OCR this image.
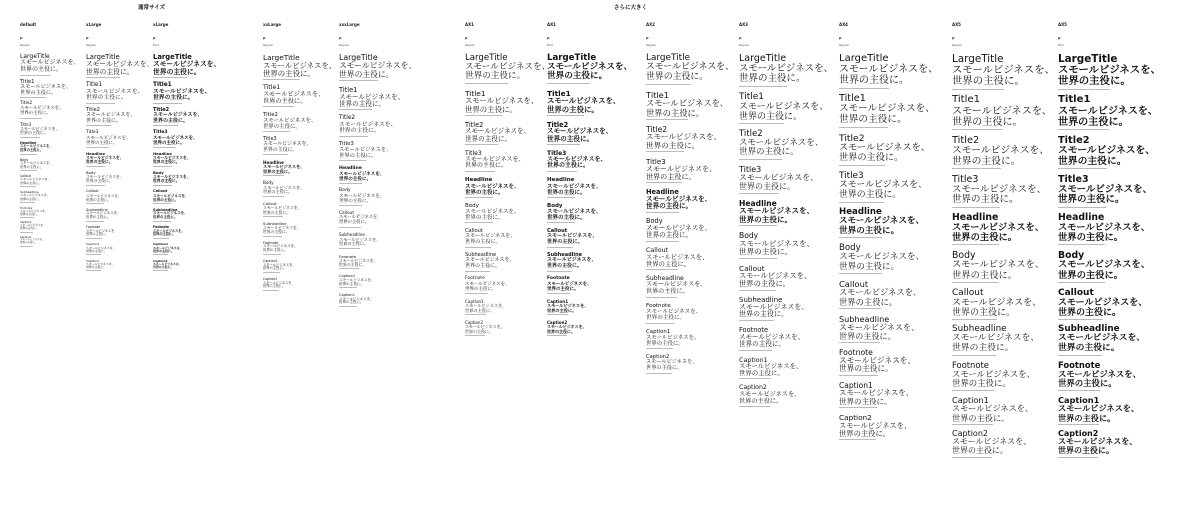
通常サイズ	さらに大きく
default
p
Regular
LargeTitle
スモールビジネスを、
世界の主役に。
Title1
スモールビジネスを、
世界の主役に。
Title2
スモールビジネスを、
世界の主役に。
Title3
スモールビジネスを、
世界の主役に。
Headline
スモールビジネスを、
世界の主役に。
Body
スモールビジネスを、
世界の主役に。
Callout
スモールビジネスを、
世界の主役に。
Subheadline
スモールビジネスを、
世界の主役に。
Footnote
スモールビジネスを、
世界の主役に。
Caption1
スモールビジネスを、
世界の主役に。
Caption2
スモールビジネスを、
世界の主役に。
xLarge
p
Regular
LargeTitle
スモールビジネスを、
世界の主役に。
Title1
スモールビジネスを、
世界の主役に。
Title2
スモールビジネスを、
世界の主役に。
Title3
スモールビジネスを、
世界の主役に。
Headline
スモールビジネスを、
世界の主役に。
Body
スモールビジネスを、
世界の主役に。
Callout
スモールビジネスを、
世界の主役に。
Subheadline
スモールビジネスを、
世界の主役に。
Footnote
スモールビジネスを、
世界の主役に。
Caption1
スモールビジネスを、
世界の主役に。
Caption2
スモールビジネスを、
世界の主役に。
xLarge
p
Bold
LargeTitle
スモールビジネスを、
世界の主役に。
Title1
スモールビジネスを、
世界の主役に。
Title2
スモールビジネスを、
世界の主役に。
Title3
スモールビジネスを、
世界の主役に。
Headline
スモールビジネスを、
世界の主役に。
Body
スモールビジネスを、
世界の主役に。
Callout
スモールビジネスを、
世界の主役に。
Subheadline
スモールビジネスを、
世界の主役に。
Footnote
スモールビジネスを、
世界の主役に。
Caption1
スモールビジネスを、
世界の主役に。
Caption2
スモールビジネスを、
世界の主役に。
xxLarge
p
Regular
LargeTitle
スモールビジネスを、
世界の主役に。
Title1
スモールビジネスを、
世界の主役に。
Title2
スモールビジネスを、
世界の主役に。
Title3
スモールビジネスを、
世界の主役に。
Headline
スモールビジネスを、
世界の主役に。
Body
スモールビジネスを、
世界の主役に。
Callout
スモールビジネスを、
世界の主役に。
Subheadline
スモールビジネスを、
世界の主役に。
Footnote
スモールビジネスを、
世界の主役に。
Caption1
スモールビジネスを、
世界の主役に。
Caption2
スモールビジネスを、
世界の主役に。
xxxLarge
p
Regular
LargeTitle
スモールビジネスを、
世界の主役に。
Title1
スモールビジネスを、
世界の主役に。
Title2
スモールビジネスを、
世界の主役に。
Title3
スモールビジネスを、
世界の主役に。
Headline
スモールビジネスを、
世界の主役に。
Body
スモールビジネスを、
世界の主役に。
Callout
スモールビジネスを、
世界の主役に。
Subheadline
スモールビジネスを、
世界の主役に。
Footnote
スモールビジネスを、
世界の主役に。
Caption1
スモールビジネスを、
世界の主役に。
Caption2
スモールビジネスを、
世界の主役に。
AX1
p
Regular
LargeTitle
スモールビジネスを、
世界の主役に。
Title1
スモールビジネスを、
世界の主役に。
Title2
スモールビジネスを、
世界の主役に。
Title3
スモールビジネスを、
世界の主役に。
Headline
スモールビジネスを、
世界の主役に。
Body
スモールビジネスを、
世界の主役に。
Callout
スモールビジネスを、
世界の主役に。
Subheadline
スモールビジネスを、
世界の主役に。
Footnote
スモールビジネスを、
世界の主役に。
Caption1
スモールビジネスを、
世界の主役に。
Caption2
スモールビジネスを、
世界の主役に。
AX1
p
Bold
LargeTitle
スモールビジネスを、
世界の主役に。
Title1
スモールビジネスを、
世界の主役に。
Title2
スモールビジネスを、
世界の主役に。
Title3
スモールビジネスを、
世界の主役に。
Headline
スモールビジネスを、
世界の主役に。
Body
スモールビジネスを、
世界の主役に。
Callout
スモールビジネスを、
世界の主役に。
Subheadline
スモールビジネスを、
世界の主役に。
Footnote
スモールビジネスを、
世界の主役に。
Caption1
スモールビジネスを、
世界の主役に。
Caption2
スモールビジネスを、
世界の主役に。
AX2
p
Regular
LargeTitle
スモールビジネスを、
世界の主役に。
Title1
スモールビジネスを、
世界の主役に。
Title2
スモールビジネスを、
世界の主役に。
Title3
スモールビジネスを、
世界の主役に。
Headline
スモールビジネスを、
世界の主役に。
Body
スモールビジネスを、
世界の主役に。
Callout
スモールビジネスを、
世界の主役に。
Subheadline
スモールビジネスを、
世界の主役に。
Footnote
スモールビジネスを、
世界の主役に。
Caption1
スモールビジネスを、
世界の主役に。
Caption2
スモールビジネスを、
世界の主役に。
AX3
p
Regular
LargeTitle
スモールビジネスを、
世界の主役に。
Title1
スモールビジネスを、
世界の主役に。
Title2
スモールビジネスを、
世界の主役に。
Title3
スモールビジネスを、
世界の主役に。
Headline
スモールビジネスを、
世界の主役に。
Body
スモールビジネスを、
世界の主役に。
Callout
スモールビジネスを、
世界の主役に。
Subheadline
スモールビジネスを、
世界の主役に。
Footnote
スモールビジネスを、
世界の主役に。
Caption1
スモールビジネスを、
世界の主役に。
Caption2
スモールビジネスを、
世界の主役に。
AX4
p
Regular
LargeTitle
スモールビジネスを、
世界の主役に。
Title1
スモールビジネスを、
世界の主役に。
Title2
スモールビジネスを、
世界の主役に。
Title3
スモールビジネスを、
世界の主役に。
Headline
スモールビジネスを、
世界の主役に。
Body
スモールビジネスを、
世界の主役に。
Callout
スモールビジネスを、
世界の主役に。
Subheadline
スモールビジネスを、
世界の主役に。
Footnote
スモールビジネスを、
世界の主役に。
Caption1
スモールビジネスを、
世界の主役に。
Caption2
スモールビジネスを、
世界の主役に。
AX5
p
Regular
LargeTitle
スモールビジネスを、
世界の主役に。
Title1
スモールビジネスを、
世界の主役に。
Title2
スモールビジネスを、
世界の主役に。
Title3
スモールビジネスを、
世界の主役に。
Headline
スモールビジネスを、
世界の主役に。
Body
スモールビジネスを、
世界の主役に。
Callout
スモールビジネスを、
世界の主役に。
Subheadline
スモールビジネスを、
世界の主役に。
Footnote
スモールビジネスを、
世界の主役に。
Caption1
スモールビジネスを、
世界の主役に。
Caption2
スモールビジネスを、
世界の主役に。
AX5
p
Bold
LargeTitle
スモールビジネスを、
世界の主役に。
Title1
スモールビジネスを、
世界の主役に。
Title2
スモールビジネスを、
世界の主役に。
Title3
スモールビジネスを、
世界の主役に。
Headline
スモールビジネスを、
世界の主役に。
Body
スモールビジネスを、
世界の主役に。
Callout
スモールビジネスを、
世界の主役に。
Subheadline
スモールビジネスを、
世界の主役に。
Footnote
スモールビジネスを、
世界の主役に。
Caption1
スモールビジネスを、
世界の主役に。
Caption2
スモールビジネスを、
世界の主役に。
